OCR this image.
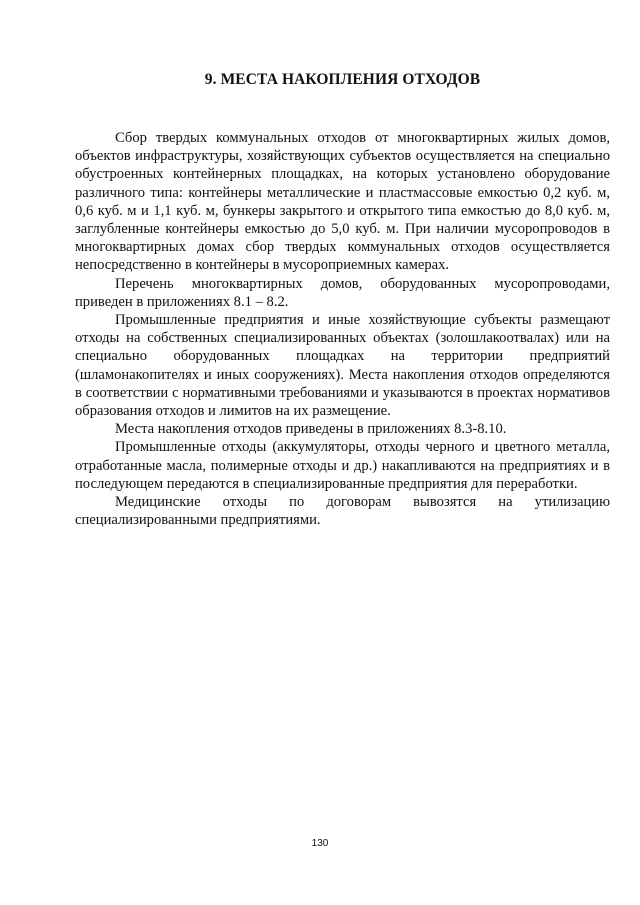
9. МЕСТА НАКОПЛЕНИЯ ОТХОДОВ

Сбор твердых коммунальных отходов от многоквартирных жилых домов, объектов инфраструктуры, хозяйствующих субъектов осуществляется на специально обустроенных контейнерных площадках, на которых установлено оборудование различного типа: контейнеры металлические и пластмассовые емкостью 0,2 куб. м, 0,6 куб. м и 1,1 куб. м, бункеры закрытого и открытого типа емкостью до 8,0 куб. м, заглубленные контейнеры емкостью до 5,0 куб. м. При наличии мусоропроводов в многоквартирных домах сбор твердых коммунальных отходов осуществляется непосредственно в контейнеры в мусороприемных камерах.

Перечень многоквартирных домов, оборудованных мусоропроводами, приведен в приложениях 8.1 – 8.2.

Промышленные предприятия и иные хозяйствующие субъекты размещают отходы на собственных специализированных объектах (золошлакоотвалах) или на специально оборудованных площадках на территории предприятий (шламонакопителях и иных сооружениях). Места накопления отходов определяются в соответствии с нормативными требованиями и указываются в проектах нормативов образования отходов и лимитов на их размещение.

Места накопления отходов приведены в приложениях 8.3-8.10.

Промышленные отходы (аккумуляторы, отходы черного и цветного металла, отработанные масла, полимерные отходы и др.) накапливаются на предприятиях и в последующем передаются в специализированные предприятия для переработки.

Медицинские отходы по договорам вывозятся на утилизацию специализированными предприятиями.

130
